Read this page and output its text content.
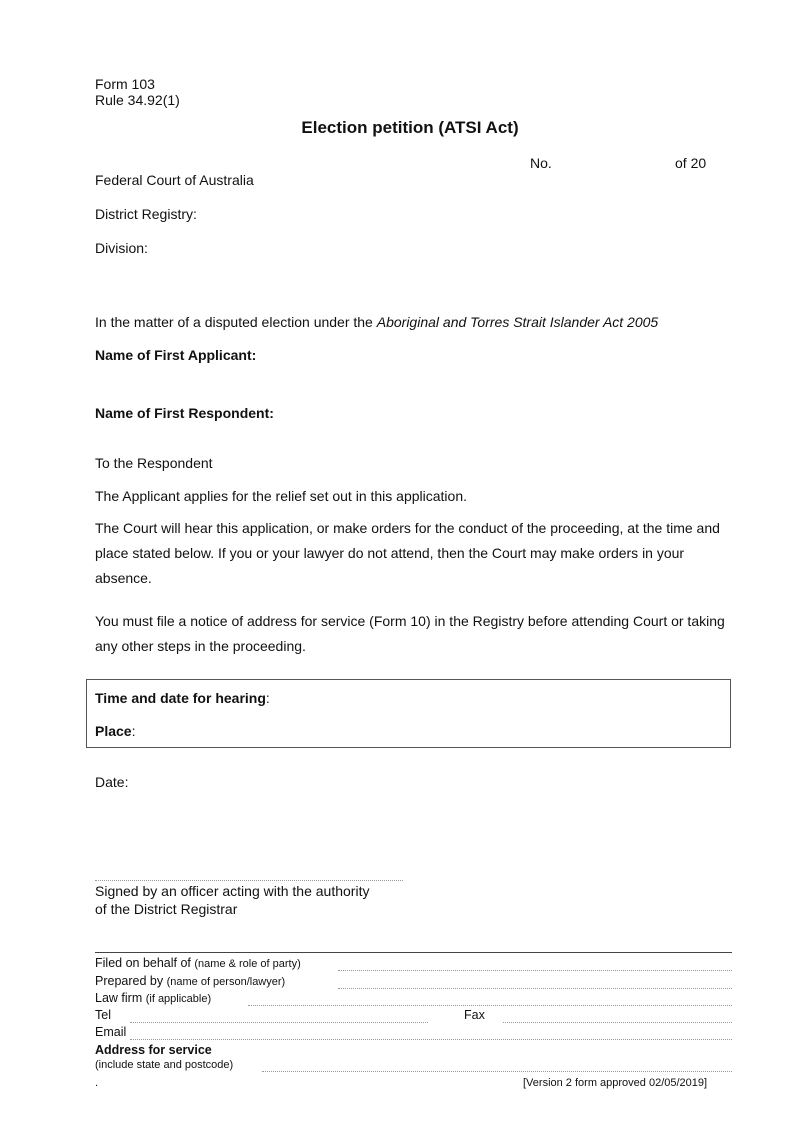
Form 103
Rule 34.92(1)
Election petition (ATSI Act)
No.	of 20
Federal Court of Australia
District Registry:
Division:
In the matter of a disputed election under the Aboriginal and Torres Strait Islander Act 2005
Name of First Applicant:
Name of First Respondent:
To the Respondent
The Applicant applies for the relief set out in this application.
The Court will hear this application, or make orders for the conduct of the proceeding, at the time and place stated below. If you or your lawyer do not attend, then the Court may make orders in your absence.
You must file a notice of address for service (Form 10) in the Registry before attending Court or taking any other steps in the proceeding.
Time and date for hearing:
Place:
Date:
Signed by an officer acting with the authority
of the District Registrar
Filed on behalf of (name & role of party)
Prepared by (name of person/lawyer)
Law firm (if applicable)
Tel	Fax
Email
Address for service
(include state and postcode)
.	[Version 2 form approved 02/05/2019]
